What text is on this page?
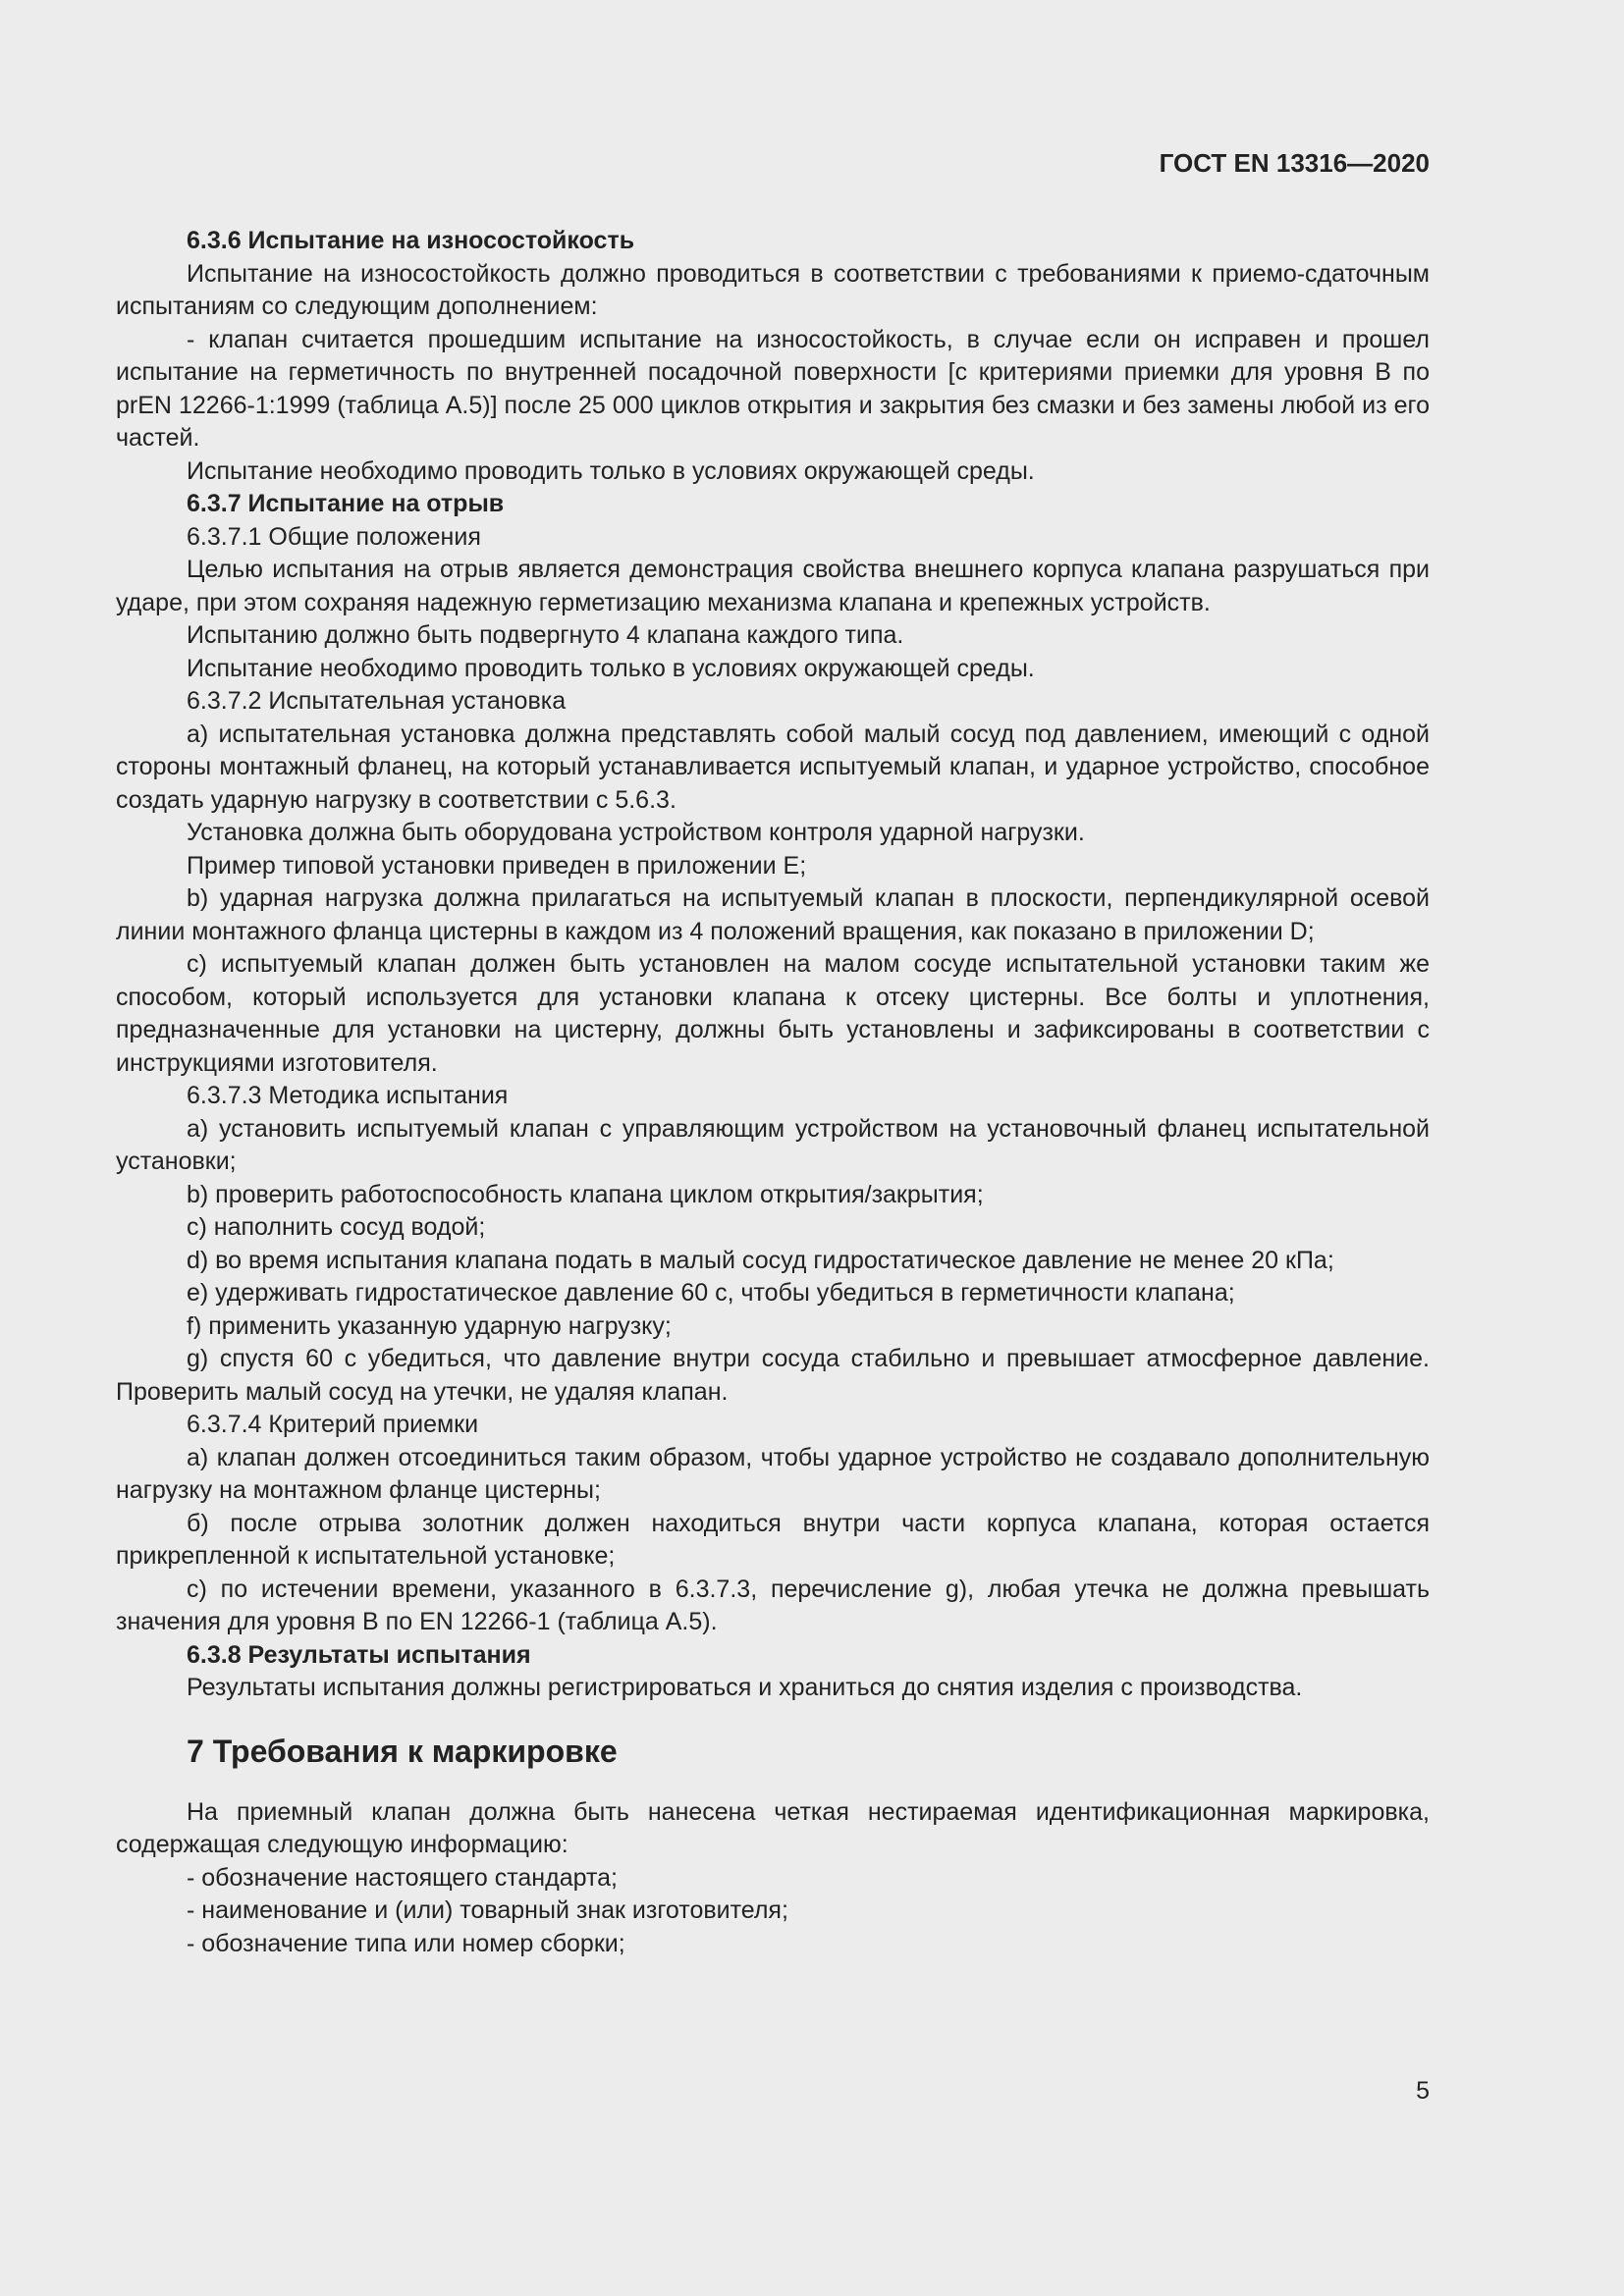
ГОСТ EN 13316—2020

6.3.6 Испытание на износостойкость

Испытание на износостойкость должно проводиться в соответствии с требованиями к приемо-сдаточным испытаниям со следующим дополнением:

- клапан считается прошедшим испытание на износостойкость, в случае если он исправен и прошел испытание на герметичность по внутренней посадочной поверхности [с критериями приемки для уровня В по prEN 12266-1:1999 (таблица А.5)] после 25 000 циклов открытия и закрытия без смазки и без замены любой из его частей.

Испытание необходимо проводить только в условиях окружающей среды.

6.3.7 Испытание на отрыв

6.3.7.1 Общие положения

Целью испытания на отрыв является демонстрация свойства внешнего корпуса клапана разрушаться при ударе, при этом сохраняя надежную герметизацию механизма клапана и крепежных устройств.

Испытанию должно быть подвергнуто 4 клапана каждого типа.

Испытание необходимо проводить только в условиях окружающей среды.

6.3.7.2 Испытательная установка

a) испытательная установка должна представлять собой малый сосуд под давлением, имеющий с одной стороны монтажный фланец, на который устанавливается испытуемый клапан, и ударное устройство, способное создать ударную нагрузку в соответствии с 5.6.3.

Установка должна быть оборудована устройством контроля ударной нагрузки.

Пример типовой установки приведен в приложении Е;

b) ударная нагрузка должна прилагаться на испытуемый клапан в плоскости, перпендикулярной осевой линии монтажного фланца цистерны в каждом из 4 положений вращения, как показано в приложении D;

c) испытуемый клапан должен быть установлен на малом сосуде испытательной установки таким же способом, который используется для установки клапана к отсеку цистерны. Все болты и уплотнения, предназначенные для установки на цистерну, должны быть установлены и зафиксированы в соответствии с инструкциями изготовителя.

6.3.7.3 Методика испытания

a) установить испытуемый клапан с управляющим устройством на установочный фланец испытательной установки;

b) проверить работоспособность клапана циклом открытия/закрытия;

c) наполнить сосуд водой;

d) во время испытания клапана подать в малый сосуд гидростатическое давление не менее 20 кПа;

e) удерживать гидростатическое давление 60 с, чтобы убедиться в герметичности клапана;

f) применить указанную ударную нагрузку;

g) спустя 60 с убедиться, что давление внутри сосуда стабильно и превышает атмосферное давление. Проверить малый сосуд на утечки, не удаляя клапан.

6.3.7.4 Критерий приемки

a) клапан должен отсоединиться таким образом, чтобы ударное устройство не создавало дополнительную нагрузку на монтажном фланце цистерны;

б) после отрыва золотник должен находиться внутри части корпуса клапана, которая остается прикрепленной к испытательной установке;

c) по истечении времени, указанного в 6.3.7.3, перечисление g), любая утечка не должна превышать значения для уровня В по EN 12266-1 (таблица А.5).

6.3.8 Результаты испытания

Результаты испытания должны регистрироваться и храниться до снятия изделия с производства.

7 Требования к маркировке

На приемный клапан должна быть нанесена четкая нестираемая идентификационная маркировка, содержащая следующую информацию:

- обозначение настоящего стандарта;

- наименование и (или) товарный знак изготовителя;

- обозначение типа или номер сборки;

5
